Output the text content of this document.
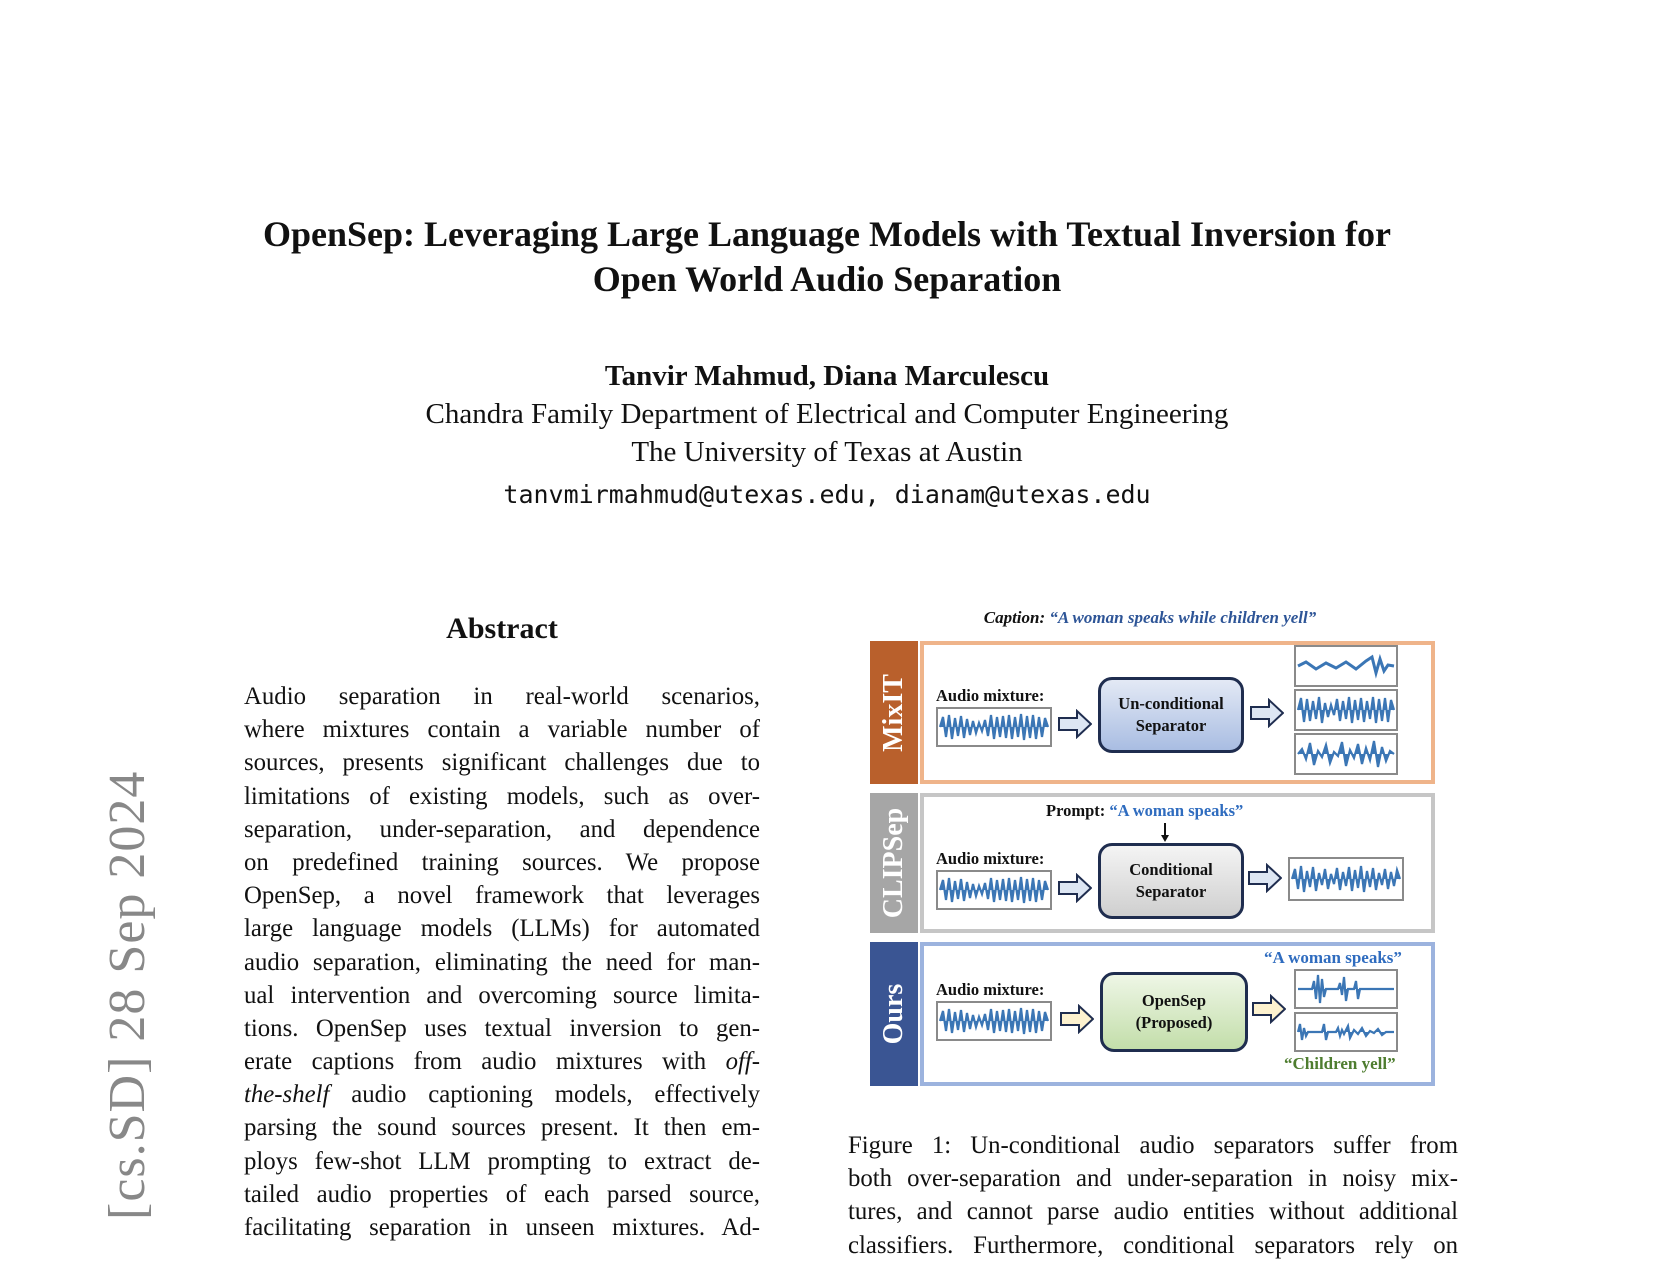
OpenSep: Leveraging Large Language Models with Textual Inversion for
Open World Audio Separation
Tanvir Mahmud, Diana Marculescu
Chandra Family Department of Electrical and Computer Engineering
The University of Texas at Austin
tanvmirmahmud@utexas.edu, dianam@utexas.edu
[cs.SD] 28 Sep 2024
Abstract
Audio separation in real-world scenarios,
where mixtures contain a variable number of
sources, presents significant challenges due to
limitations of existing models, such as over-
separation, under-separation, and dependence
on predefined training sources. We propose
OpenSep, a novel framework that leverages
large language models (LLMs) for automated
audio separation, eliminating the need for man-
ual intervention and overcoming source limita-
tions. OpenSep uses textual inversion to gen-
erate captions from audio mixtures with off-
the-shelf audio captioning models, effectively
parsing the sound sources present. It then em-
ploys few-shot LLM prompting to extract de-
tailed audio properties of each parsed source,
facilitating separation in unseen mixtures. Ad-
Caption: “A woman speaks while children yell”
MixIT Audio mixture:	Un-conditional
Separator
CLIPSep	Prompt: “A woman speaks”
Audio mixture:
Conditional
Separator
Ours
“A woman speaks”
Audio mixture:
OpenSep
(Proposed)
“Children yell”
Figure 1: Un-conditional audio separators suffer from
both over-separation and under-separation in noisy mix-
tures, and cannot parse audio entities without additional
classifiers. Furthermore, conditional separators rely on
